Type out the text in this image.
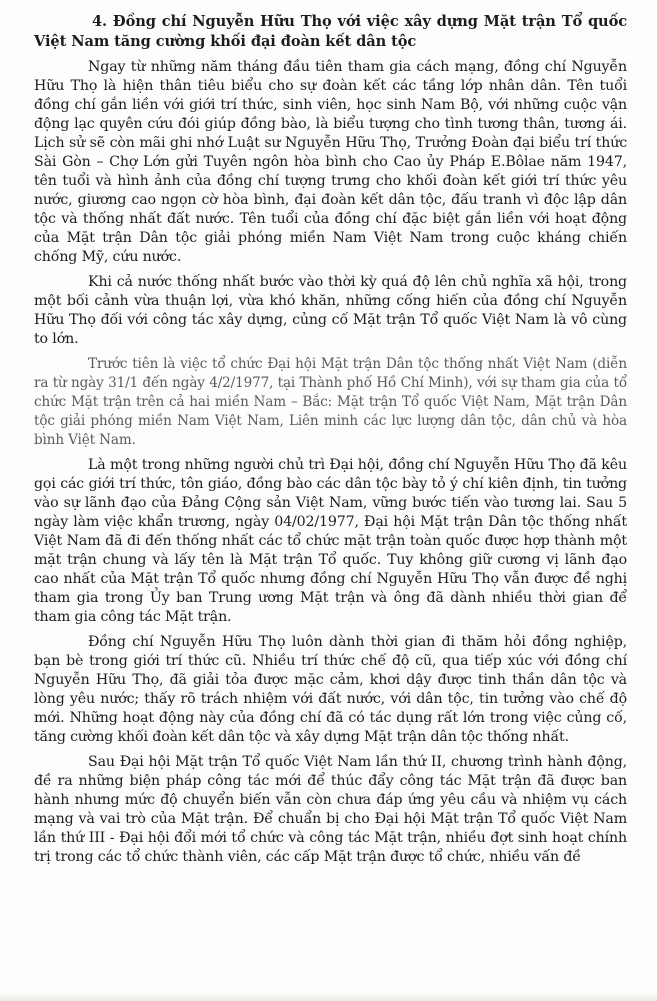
4. Đồng chí Nguyễn Hữu Thọ với việc xây dựng Mặt trận Tổ quốc Việt Nam tăng cường khối đại đoàn kết dân tộc

Ngay từ những năm tháng đầu tiên tham gia cách mạng, đồng chí Nguyễn Hữu Thọ là hiện thân tiêu biểu cho sự đoàn kết các tầng lớp nhân dân. Tên tuổi đồng chí gắn liền với giới trí thức, sinh viên, học sinh Nam Bộ, với những cuộc vận động lạc quyên cứu đói giúp đồng bào, là biểu tượng cho tình tương thân, tương ái. Lịch sử sẽ còn mãi ghi nhớ Luật sư Nguyễn Hữu Thọ, Trưởng Đoàn đại biểu trí thức Sài Gòn – Chợ Lớn gửi Tuyên ngôn hòa bình cho Cao ủy Pháp E.Bôlae năm 1947, tên tuổi và hình ảnh của đồng chí tượng trưng cho khối đoàn kết giới trí thức yêu nước, giương cao ngọn cờ hòa bình, đại đoàn kết dân tộc, đấu tranh vì độc lập dân tộc và thống nhất đất nước. Tên tuổi của đồng chí đặc biệt gắn liền với hoạt động của Mặt trận Dân tộc giải phóng miền Nam Việt Nam trong cuộc kháng chiến chống Mỹ, cứu nước.

Khi cả nước thống nhất bước vào thời kỳ quá độ lên chủ nghĩa xã hội, trong một bối cảnh vừa thuận lợi, vừa khó khăn, những cống hiến của đồng chí Nguyễn Hữu Thọ đối với công tác xây dựng, củng cố Mặt trận Tổ quốc Việt Nam là vô cùng to lớn.

Trước tiên là việc tổ chức Đại hội Mặt trận Dân tộc thống nhất Việt Nam (diễn ra từ ngày 31/1 đến ngày 4/2/1977, tại Thành phố Hồ Chí Minh), với sự tham gia của tổ chức Mặt trận trên cả hai miền Nam – Bắc: Mặt trận Tổ quốc Việt Nam, Mặt trận Dân tộc giải phóng miền Nam Việt Nam, Liên minh các lực lượng dân tộc, dân chủ và hòa bình Việt Nam.

Là một trong những người chủ trì Đại hội, đồng chí Nguyễn Hữu Thọ đã kêu gọi các giới trí thức, tôn giáo, đồng bào các dân tộc bày tỏ ý chí kiên định, tin tưởng vào sự lãnh đạo của Đảng Cộng sản Việt Nam, vững bước tiến vào tương lai. Sau 5 ngày làm việc khẩn trương, ngày 04/02/1977, Đại hội Mặt trận Dân tộc thống nhất Việt Nam đã đi đến thống nhất các tổ chức mặt trận toàn quốc được hợp thành một mặt trận chung và lấy tên là Mặt trận Tổ quốc. Tuy không giữ cương vị lãnh đạo cao nhất của Mặt trận Tổ quốc nhưng đồng chí Nguyễn Hữu Thọ vẫn được đề nghị tham gia trong Ủy ban Trung ương Mặt trận và ông đã dành nhiều thời gian để tham gia công tác Mặt trận.

Đồng chí Nguyễn Hữu Thọ luôn dành thời gian đi thăm hỏi đồng nghiệp, bạn bè trong giới trí thức cũ. Nhiều trí thức chế độ cũ, qua tiếp xúc với đồng chí Nguyễn Hữu Thọ, đã giải tỏa được mặc cảm, khơi dậy được tinh thần dân tộc và lòng yêu nước; thấy rõ trách nhiệm với đất nước, với dân tộc, tin tưởng vào chế độ mới. Những hoạt động này của đồng chí đã có tác dụng rất lớn trong việc củng cố, tăng cường khối đoàn kết dân tộc và xây dựng Mặt trận dân tộc thống nhất.

Sau Đại hội Mặt trận Tổ quốc Việt Nam lần thứ II, chương trình hành động, đề ra những biện pháp công tác mới để thúc đẩy công tác Mặt trận đã được ban hành nhưng mức độ chuyển biến vẫn còn chưa đáp ứng yêu cầu và nhiệm vụ cách mạng và vai trò của Mặt trận. Để chuẩn bị cho Đại hội Mặt trận Tổ quốc Việt Nam lần thứ III - Đại hội đổi mới tổ chức và công tác Mặt trận, nhiều đợt sinh hoạt chính trị trong các tổ chức thành viên, các cấp Mặt trận được tổ chức, nhiều vấn đề
